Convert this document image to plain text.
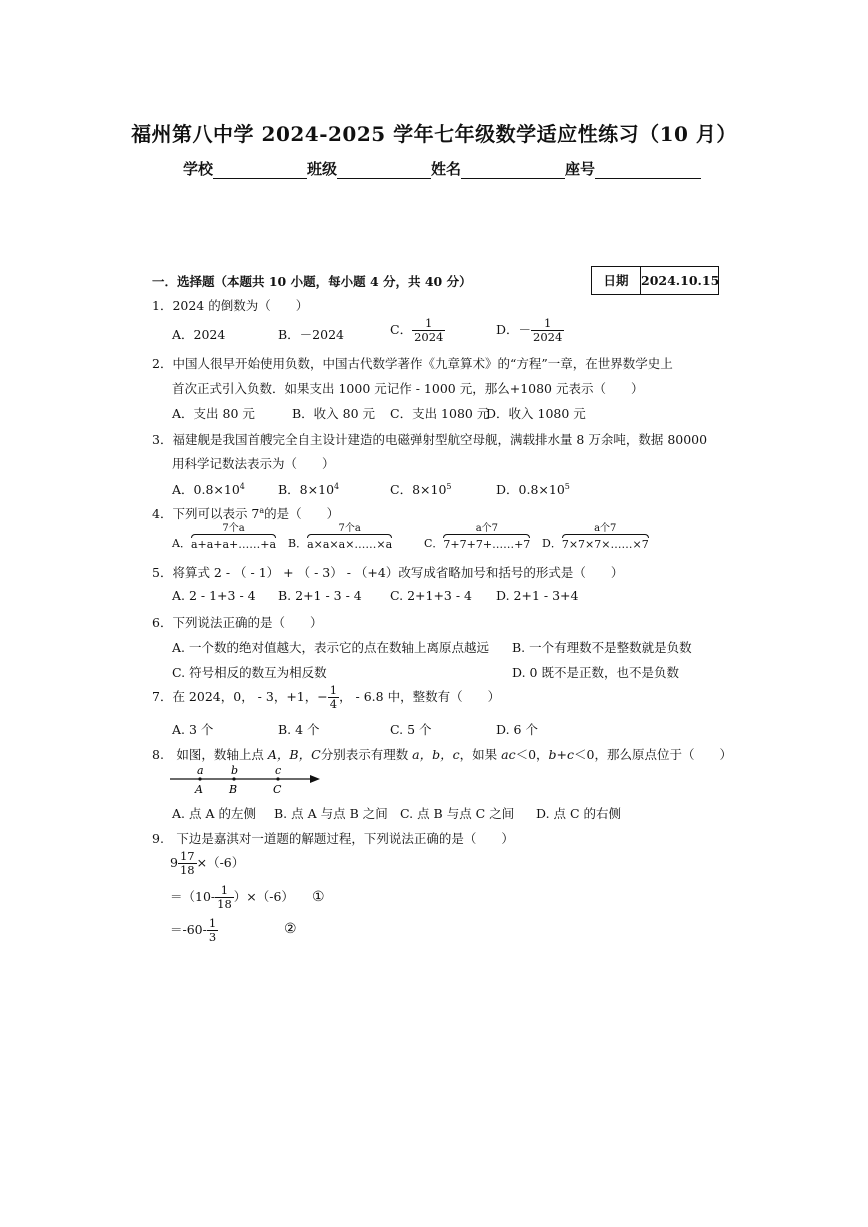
福州第八中学 2024-2025 学年七年级数学适应性练习（10 月）
学校	班级	姓名	座号
一．选择题（本题共 10 小题，每小题 4 分，共 40 分）	日期	2024.10.15
1．2024 的倒数为（　　）
A．2024	B．－2024	C． $\frac{1}{2024}$	D．－ $\frac{1}{2024}$
2．中国人很早开始使用负数，中国古代数学著作《九章算术》的“方程”一章，在世界数学史上
首次正式引入负数．如果支出 1000 元记作 - 1000 元，那么+1080 元表示（　　）
A．支出 80 元	B．收入 80 元 C．支出 1080 元
D．收入 1080 元
3．福建舰是我国首艘完全自主设计建造的电磁弹射型航空母舰，满载排水量 8 万余吨，数据 80000
用科学记数法表示为（　　）
A．$0.8\times 10^4$	B．$8\times 10^4$	C．$8\times 10^5$	D．$0.8\times 10^5$
4．下列可以表示 7$^a$的是（　　）
A．
7个a
a+a+a+……+a B．
7个a
a×a×a×……×a	C．
a个7
7+7+7+……+7 D．
a个7
7×7×7×……×7
5．将算式 2 - （ - 1） + （ - 3） - （+4）改写成省略加号和括号的形式是（　　）
A. 2 - 1+3 - 4 B. 2+1 - 3 - 4 C. 2+1+3 - 4 D. 2+1 - 3+4
6．下列说法正确的是（　　）
A. 一个数的绝对值越大，表示它的点在数轴上离原点越远 B. 一个有理数不是整数就是负数
C. 符号相反的数互为相反数	D. 0 既不是正数，也不是负数
7．在 2024，0， - 3，+1，− $\frac{1}{4}$ ， - 6.8 中，整数有（　　）
A. 3 个	B. 4 个	C. 5 个	D. 6 个
8.　如图，数轴上点 A，B，C分别表示有理数 a，b，c，如果 ac＜0，b+c＜0，那么原点位于（　　）
a b	c
A B	C
A. 点 A 的左侧 B. 点 A 与点 B 之间 C. 点 B 与点 C 之间 D. 点 C 的右侧
9.　下边是嘉淇对一道题的解题过程，下列说法正确的是（　　）
$9 \frac{17}{18} \times(-6)$
$=(10- \frac{1}{18} )\times(-6)$ ①
$=-60- \frac{1}{3}$	②
